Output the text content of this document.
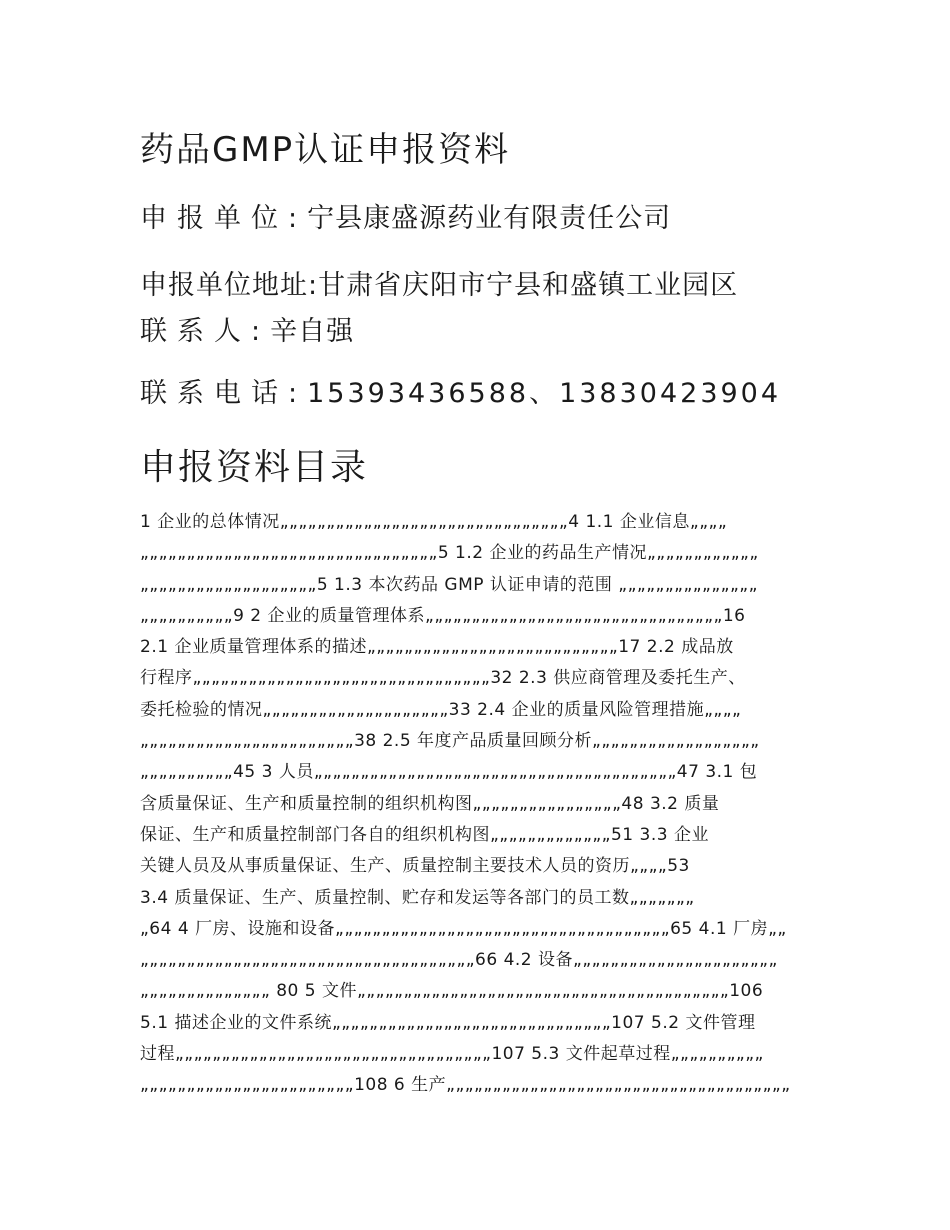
药品GMP认证申报资料
申报单位:宁县康盛源药业有限责任公司
申报单位地址:甘肃省庆阳市宁县和盛镇工业园区
联系人:辛自强
联系电话:15393436588、13830423904
申报资料目录
1 企业的总体情况„„„„„„„„„„„„„„„„„„„„„„„„„„„„„„„4 1.1 企业信息„„„„
„„„„„„„„„„„„„„„„„„„„„„„„„„„„„„„„5 1.2 企业的药品生产情况„„„„„„„„„„„„
„„„„„„„„„„„„„„„„„„„5 1.3 本次药品 GMP 认证申请的范围 „„„„„„„„„„„„„„„
„„„„„„„„„„9 2 企业的质量管理体系„„„„„„„„„„„„„„„„„„„„„„„„„„„„„„„„16
2.1 企业质量管理体系的描述„„„„„„„„„„„„„„„„„„„„„„„„„„„17 2.2 成品放
行程序„„„„„„„„„„„„„„„„„„„„„„„„„„„„„„„„32 2.3 供应商管理及委托生产、
委托检验的情况„„„„„„„„„„„„„„„„„„„„33 2.4 企业的质量风险管理措施„„„„
„„„„„„„„„„„„„„„„„„„„„„„38 2.5 年度产品质量回顾分析„„„„„„„„„„„„„„„„„„
„„„„„„„„„„45 3 人员„„„„„„„„„„„„„„„„„„„„„„„„„„„„„„„„„„„„„„„47 3.1 包
含质量保证、生产和质量控制的组织机构图„„„„„„„„„„„„„„„„48 3.2 质量
保证、生产和质量控制部门各自的组织机构图„„„„„„„„„„„„„51 3.3 企业
关键人员及从事质量保证、生产、质量控制主要技术人员的资历„„„„53
3.4 质量保证、生产、质量控制、贮存和发运等各部门的员工数„„„„„„„
„64 4 厂房、设施和设备„„„„„„„„„„„„„„„„„„„„„„„„„„„„„„„„„„„„65 4.1 厂房„„
„„„„„„„„„„„„„„„„„„„„„„„„„„„„„„„„„„„„66 4.2 设备„„„„„„„„„„„„„„„„„„„„„„
„„„„„„„„„„„„„„ 80 5 文件„„„„„„„„„„„„„„„„„„„„„„„„„„„„„„„„„„„„„„„„106
5.1 描述企业的文件系统„„„„„„„„„„„„„„„„„„„„„„„„„„„„„„107 5.2 文件管理
过程„„„„„„„„„„„„„„„„„„„„„„„„„„„„„„„„„„107 5.3 文件起草过程„„„„„„„„„„
„„„„„„„„„„„„„„„„„„„„„„„108 6 生产„„„„„„„„„„„„„„„„„„„„„„„„„„„„„„„„„„„„„
